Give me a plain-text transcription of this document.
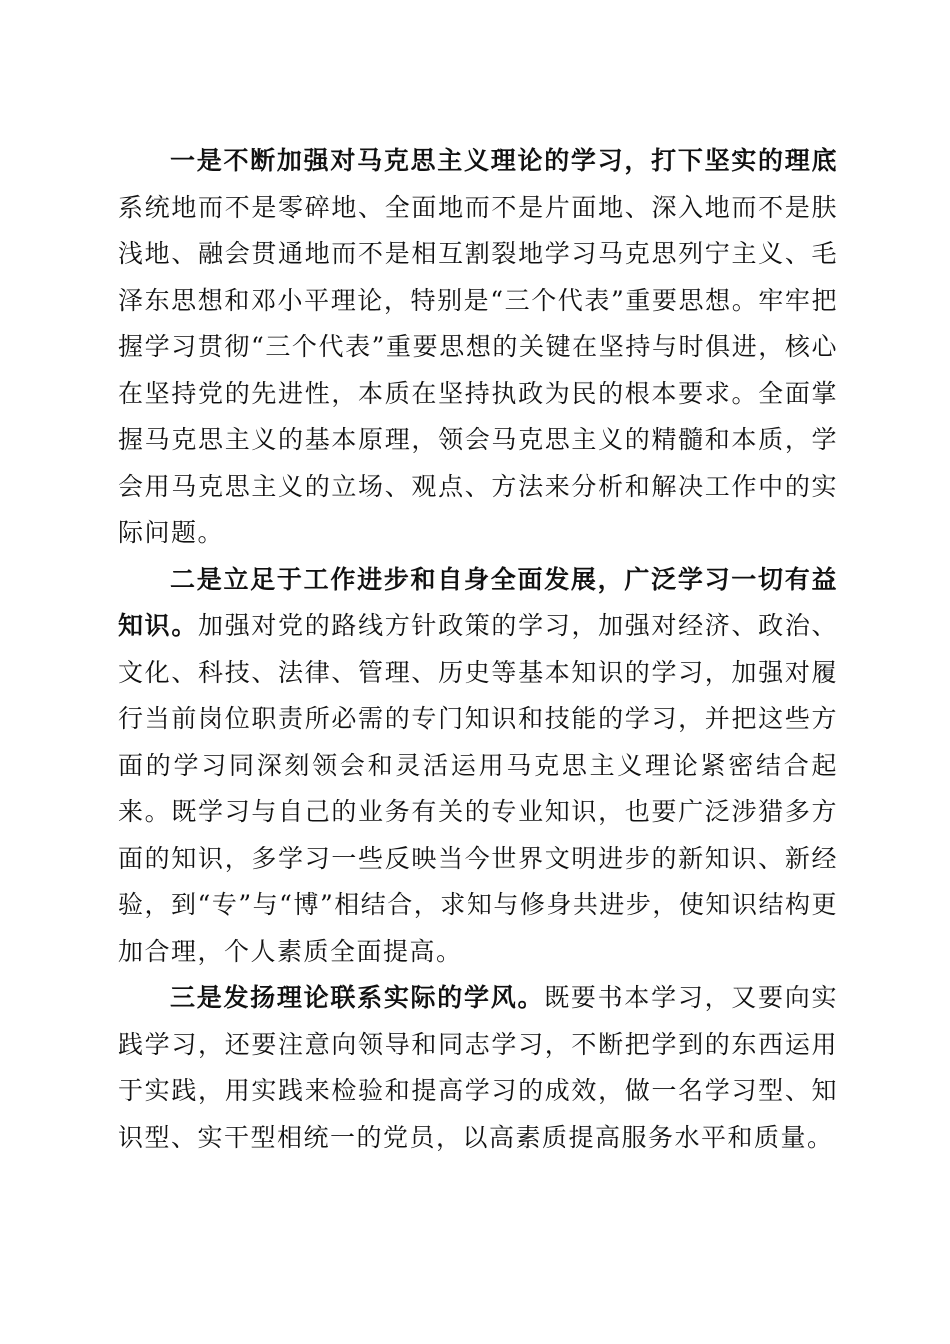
一是不断加强对马克思主义理论的学习，打下坚实的理底系统地而不是零碎地、全面地而不是片面地、深入地而不是肤浅地、融会贯通地而不是相互割裂地学习马克思列宁主义、毛泽东思想和邓小平理论，特别是“三个代表”重要思想。牢牢把握学习贯彻“三个代表”重要思想的关键在坚持与时俱进，核心在坚持党的先进性，本质在坚持执政为民的根本要求。全面掌握马克思主义的基本原理，领会马克思主义的精髓和本质，学会用马克思主义的立场、观点、方法来分析和解决工作中的实际问题。

二是立足于工作进步和自身全面发展，广泛学习一切有益知识。加强对党的路线方针政策的学习，加强对经济、政治、文化、科技、法律、管理、历史等基本知识的学习，加强对履行当前岗位职责所必需的专门知识和技能的学习，并把这些方面的学习同深刻领会和灵活运用马克思主义理论紧密结合起来。既学习与自己的业务有关的专业知识，也要广泛涉猎多方面的知识，多学习一些反映当今世界文明进步的新知识、新经验，到“专”与“博”相结合，求知与修身共进步，使知识结构更加合理，个人素质全面提高。

三是发扬理论联系实际的学风。既要书本学习，又要向实践学习，还要注意向领导和同志学习，不断把学到的东西运用于实践，用实践来检验和提高学习的成效，做一名学习型、知识型、实干型相统一的党员，以高素质提高服务水平和质量。
